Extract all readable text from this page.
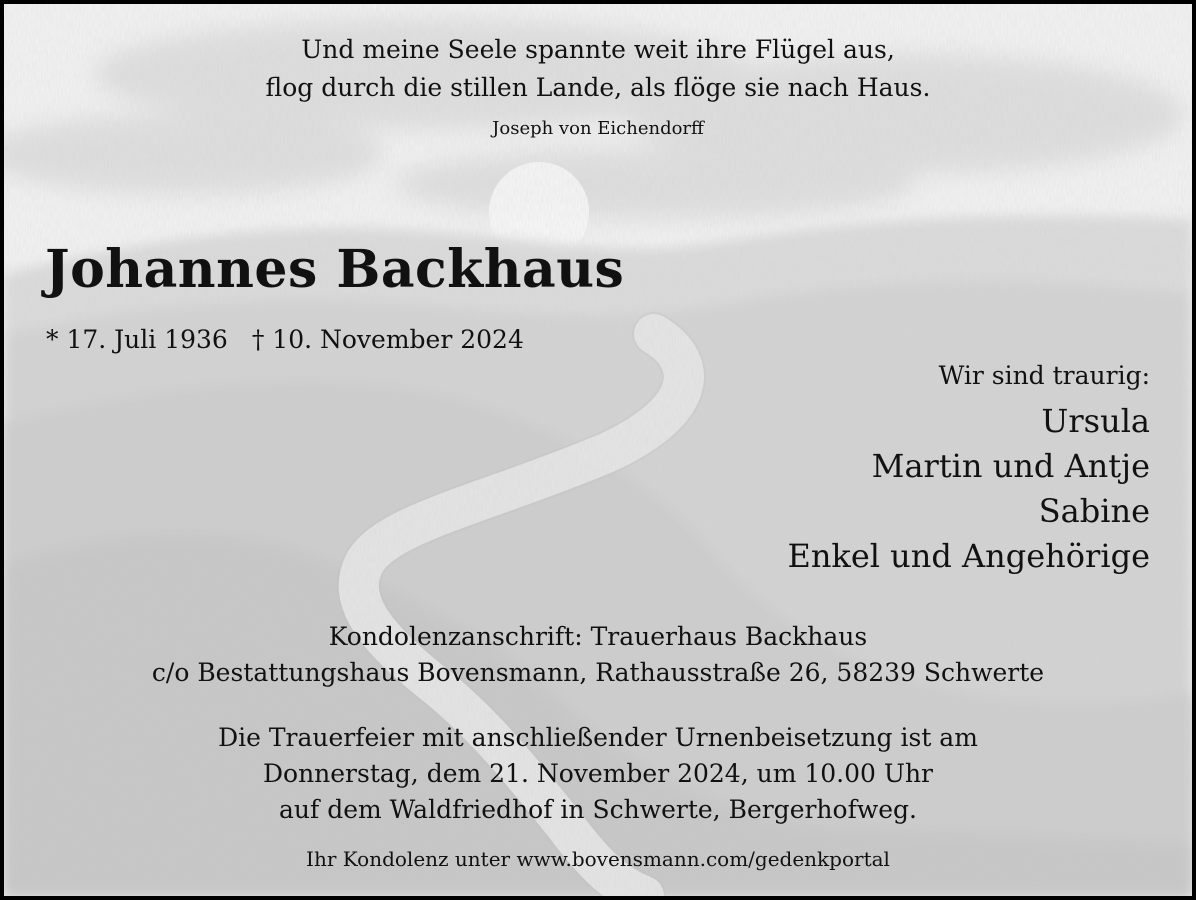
Und meine Seele spannte weit ihre Flügel aus,

flog durch die stillen Lande, als flöge sie nach Haus.

Joseph von Eichendorff

Johannes Backhaus

* 17. Juli 1936 † 10. November 2024

Wir sind traurig:

Ursula

Martin und Antje

Sabine

Enkel und Angehörige

Kondolenzanschrift: Trauerhaus Backhaus

c/o Bestattungshaus Bovensmann, Rathausstraße 26, 58239 Schwerte

Die Trauerfeier mit anschließender Urnenbeisetzung ist am

Donnerstag, dem 21. November 2024, um 10.00 Uhr

auf dem Waldfriedhof in Schwerte, Bergerhofweg.

Ihr Kondolenz unter www.bovensmann.com/gedenkportal
